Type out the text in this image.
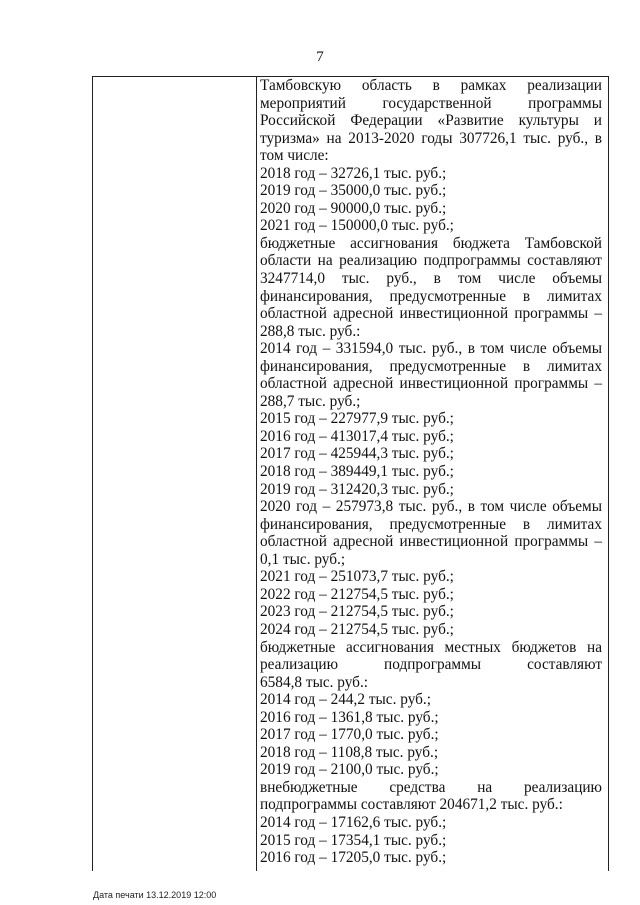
7
Тамбовскую область в рамках реализации
мероприятий государственной программы
Российской Федерации «Развитие культуры и
туризма» на 2013-2020 годы 307726,1 тыс. руб., в
том числе:
2018 год – 32726,1 тыс. руб.;
2019 год – 35000,0 тыс. руб.;
2020 год – 90000,0 тыс. руб.;
2021 год – 150000,0 тыс. руб.;
бюджетные ассигнования бюджета Тамбовской
области на реализацию подпрограммы составляют
3247714,0 тыс. руб., в том числе объемы
финансирования, предусмотренные в лимитах
областной адресной инвестиционной программы –
288,8 тыс. руб.:
2014 год – 331594,0 тыс. руб., в том числе объемы
финансирования, предусмотренные в лимитах
областной адресной инвестиционной программы –
288,7 тыс. руб.;
2015 год – 227977,9 тыс. руб.;
2016 год – 413017,4 тыс. руб.;
2017 год – 425944,3 тыс. руб.;
2018 год – 389449,1 тыс. руб.;
2019 год – 312420,3 тыс. руб.;
2020 год – 257973,8 тыс. руб., в том числе объемы
финансирования, предусмотренные в лимитах
областной адресной инвестиционной программы –
0,1 тыс. руб.;
2021 год – 251073,7 тыс. руб.;
2022 год – 212754,5 тыс. руб.;
2023 год – 212754,5 тыс. руб.;
2024 год – 212754,5 тыс. руб.;
бюджетные ассигнования местных бюджетов на
реализацию подпрограммы составляют
6584,8 тыс. руб.:
2014 год – 244,2 тыс. руб.;
2016 год – 1361,8 тыс. руб.;
2017 год – 1770,0 тыс. руб.;
2018 год – 1108,8 тыс. руб.;
2019 год – 2100,0 тыс. руб.;
внебюджетные средства на реализацию
подпрограммы составляют 204671,2 тыс. руб.:
2014 год – 17162,6 тыс. руб.;
2015 год – 17354,1 тыс. руб.;
2016 год – 17205,0 тыс. руб.;
Дата печати 13.12.2019 12:00
